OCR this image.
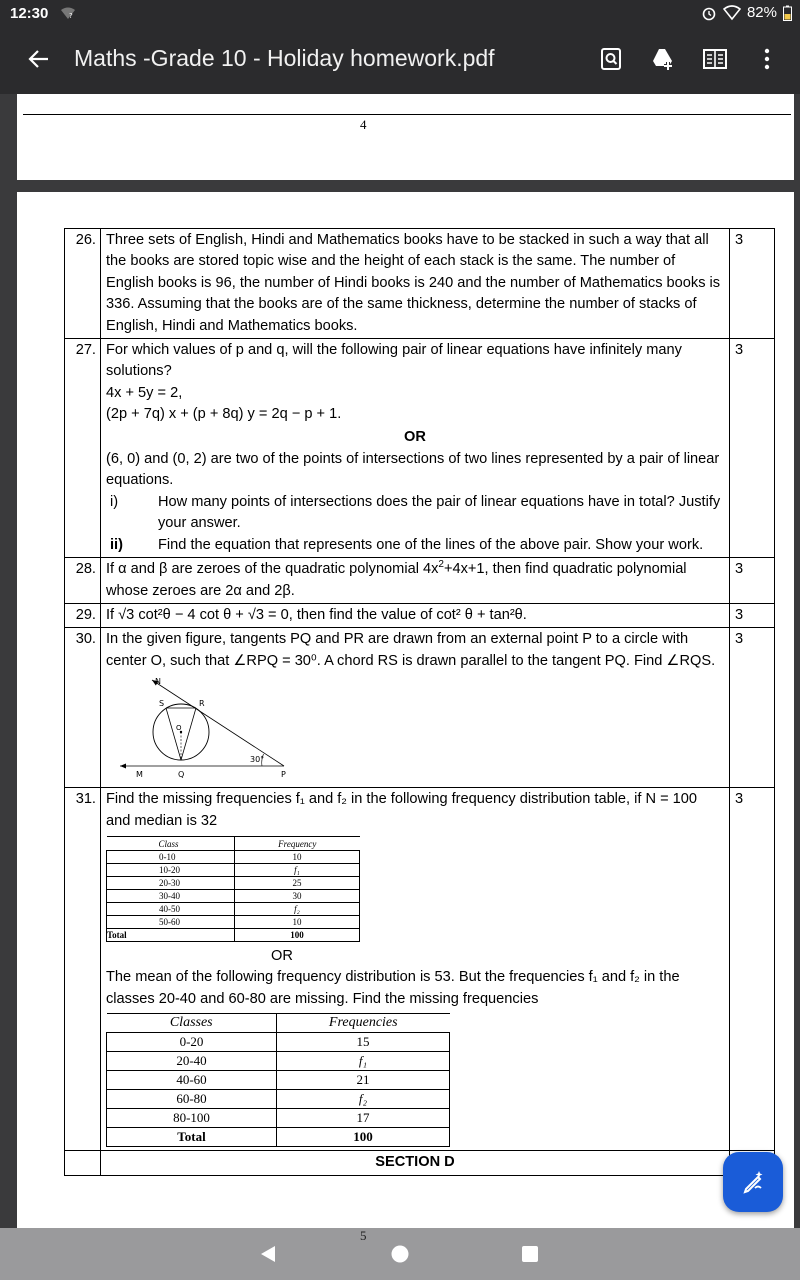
12:30	?	82%
Maths -Grade 10 - Holiday homework.pdf
4
26.	Three sets of English, Hindi and Mathematics books have to be stacked in such a way that all the books are stored topic wise and the height of each stack is the same. The number of English books is 96, the number of Hindi books is 240 and the number of Mathematics books is 336. Assuming that the books are of the same thickness, determine the number of stacks of English, Hindi and Mathematics books.	3
27.	For which values of p and q, will the following pair of linear equations have infinitely many solutions?
4x + 5y = 2,
(2p + 7q) x + (p + 8q) y = 2q − p + 1.
OR
(6, 0) and (0, 2) are two of the points of intersections of two lines represented by a pair of linear equations.
i)	How many points of intersections does the pair of linear equations have in total? Justify your answer.
ii)	Find the equation that represents one of the lines of the above pair. Show your work.
	3
28.	If α and β are zeroes of the quadratic polynomial $4x^2+4x+1$, then find quadratic polynomial whose zeroes are 2α and 2β.	3
29.	If √3 cot²θ − 4 cot θ + √3 = 0, then find the value of cot² θ + tan²θ.	3
30.	In the given figure, tangents PQ and PR are drawn from an external point P to a circle with center O, such that ∠RPQ = 30⁰. A chord RS is drawn parallel to the tangent PQ. Find ∠RQS.
N
S	R
O
M	Q	P
30°
	3
31.	Find the missing frequencies f₁ and f₂ in the following frequency distribution table, if N = 100 and median is 32
Class	Frequency
0-10	10
10-20	f₁
20-30	25
30-40	30
40-50	f₂
50-60	10
Total	100
OR
The mean of the following frequency distribution is 53. But the frequencies f₁ and f₂ in the classes 20-40 and 60-80 are missing. Find the missing frequencies
Classes	Frequencies
0-20	15
20-40	f₁
40-60	21
60-80	f₂
80-100	17
Total	100
	3
	SECTION D	
5
